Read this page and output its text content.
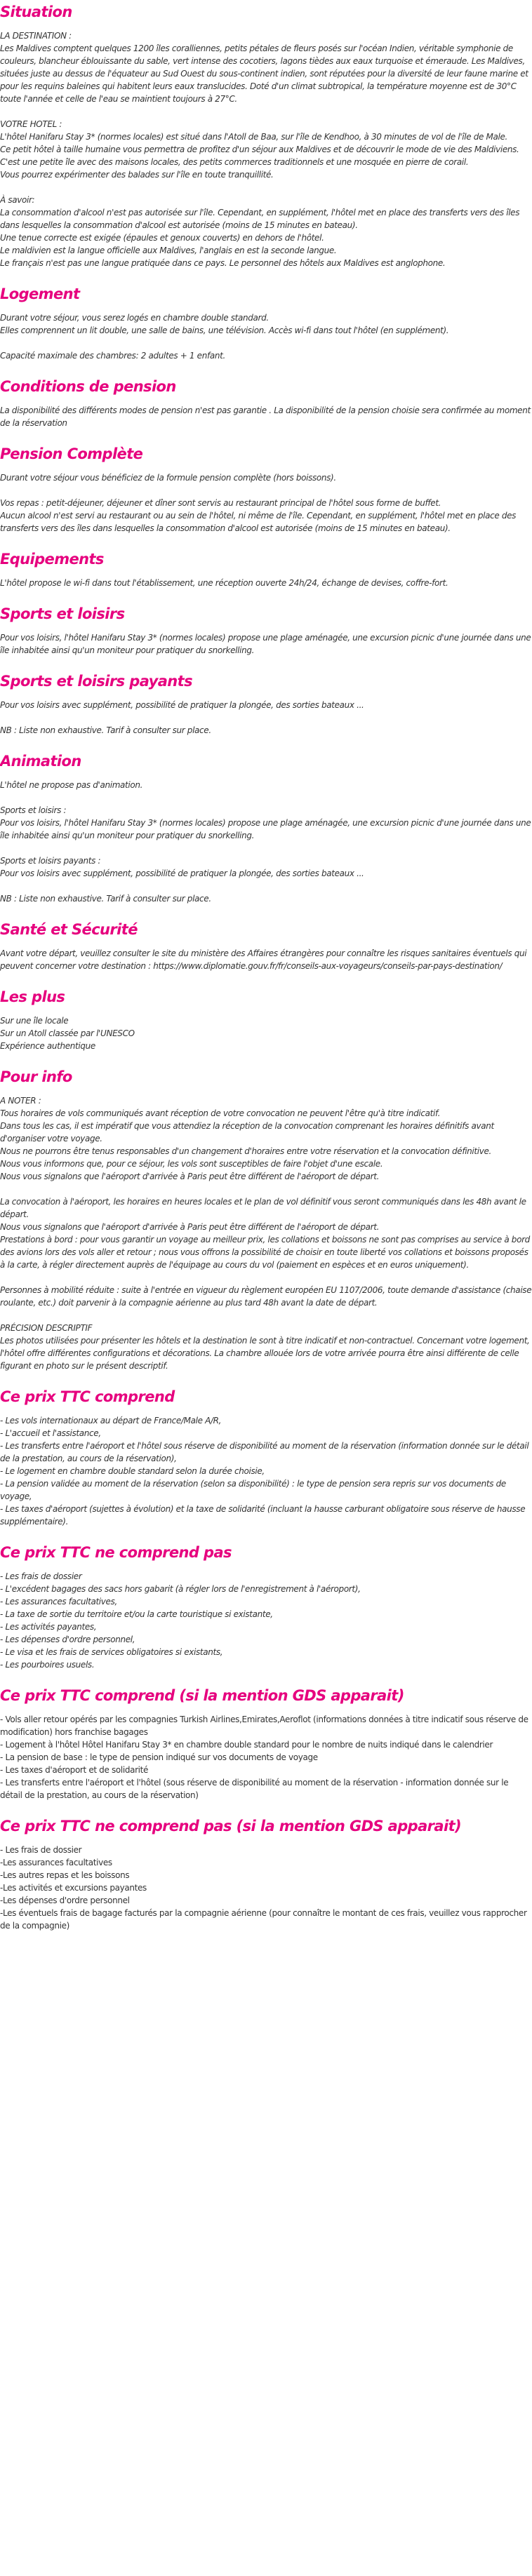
Situation
LA DESTINATION :
Les Maldives comptent quelques 1200 îles coralliennes, petits pétales de fleurs posés sur l'océan Indien, véritable symphonie de couleurs, blancheur éblouissante du sable, vert intense des cocotiers, lagons tièdes aux eaux turquoise et émeraude. Les Maldives, situées juste au dessus de l'équateur au Sud Ouest du sous-continent indien, sont réputées pour la diversité de leur faune marine et pour les requins baleines qui habitent leurs eaux translucides. Doté d'un climat subtropical, la température moyenne est de 30°C toute l'année et celle de l'eau se maintient toujours à 27°C.
VOTRE HOTEL :
L'hôtel Hanifaru Stay 3* (normes locales) est situé dans l'Atoll de Baa, sur l'île de Kendhoo, à 30 minutes de vol de l'île de Male.
Ce petit hôtel à taille humaine vous permettra de profitez d'un séjour aux Maldives et de découvrir le mode de vie des Maldiviens. C'est une petite île avec des maisons locales, des petits commerces traditionnels et une mosquée en pierre de corail.
Vous pourrez expérimenter des balades sur l'île en toute tranquillité.
À savoir:
La consommation d'alcool n'est pas autorisée sur l'île. Cependant, en supplément, l'hôtel met en place des transferts vers des îles dans lesquelles la consommation d'alcool est autorisée (moins de 15 minutes en bateau).
Une tenue correcte est exigée (épaules et genoux couverts) en dehors de l'hôtel.
Le maldivien est la langue officielle aux Maldives, l'anglais en est la seconde langue.
Le français n'est pas une langue pratiquée dans ce pays. Le personnel des hôtels aux Maldives est anglophone.
Logement
Durant votre séjour, vous serez logés en chambre double standard.
Elles comprennent un lit double, une salle de bains, une télévision. Accès wi-fi dans tout l'hôtel (en supplément).
Capacité maximale des chambres: 2 adultes + 1 enfant.
Conditions de pension
La disponibilité des différents modes de pension n'est pas garantie . La disponibilité de la pension choisie sera confirmée au moment de la réservation
Pension Complète
Durant votre séjour vous bénéficiez de la formule pension complète (hors boissons).
Vos repas : petit-déjeuner, déjeuner et dîner sont servis au restaurant principal de l'hôtel sous forme de buffet.
Aucun alcool n'est servi au restaurant ou au sein de l'hôtel, ni même de l'île. Cependant, en supplément, l'hôtel met en place des transferts vers des îles dans lesquelles la consommation d'alcool est autorisée (moins de 15 minutes en bateau).
Equipements
L'hôtel propose le wi-fi dans tout l'établissement, une réception ouverte 24h/24, échange de devises, coffre-fort.
Sports et loisirs
Pour vos loisirs, l'hôtel Hanifaru Stay 3* (normes locales) propose une plage aménagée, une excursion picnic d'une journée dans une île inhabitée ainsi qu'un moniteur pour pratiquer du snorkelling.
Sports et loisirs payants
Pour vos loisirs avec supplément, possibilité de pratiquer la plongée, des sorties bateaux ...
NB : Liste non exhaustive. Tarif à consulter sur place.
Animation
L'hôtel ne propose pas d'animation.
Sports et loisirs :
Pour vos loisirs, l'hôtel Hanifaru Stay 3* (normes locales) propose une plage aménagée, une excursion picnic d'une journée dans une île inhabitée ainsi qu'un moniteur pour pratiquer du snorkelling.
Sports et loisirs payants :
Pour vos loisirs avec supplément, possibilité de pratiquer la plongée, des sorties bateaux ...
NB : Liste non exhaustive. Tarif à consulter sur place.
Santé et Sécurité
Avant votre départ, veuillez consulter le site du ministère des Affaires étrangères pour connaître les risques sanitaires éventuels qui peuvent concerner votre destination : https://www.diplomatie.gouv.fr/fr/conseils-aux-voyageurs/conseils-par-pays-destination/
Les plus
Sur une île locale
Sur un Atoll classée par l'UNESCO
Expérience authentique
Pour info
A NOTER :
Tous horaires de vols communiqués avant réception de votre convocation ne peuvent l'être qu'à titre indicatif.
Dans tous les cas, il est impératif que vous attendiez la réception de la convocation comprenant les horaires définitifs avant d'organiser votre voyage.
Nous ne pourrons être tenus responsables d'un changement d'horaires entre votre réservation et la convocation définitive.
Nous vous informons que, pour ce séjour, les vols sont susceptibles de faire l'objet d'une escale.
Nous vous signalons que l'aéroport d'arrivée à Paris peut être différent de l'aéroport de départ.
La convocation à l'aéroport, les horaires en heures locales et le plan de vol définitif vous seront communiqués dans les 48h avant le départ.
Nous vous signalons que l'aéroport d'arrivée à Paris peut être différent de l'aéroport de départ.
Prestations à bord : pour vous garantir un voyage au meilleur prix, les collations et boissons ne sont pas comprises au service à bord des avions lors des vols aller et retour ; nous vous offrons la possibilité de choisir en toute liberté vos collations et boissons proposés à la carte, à régler directement auprès de l'équipage au cours du vol (paiement en espèces et en euros uniquement).
Personnes à mobilité réduite : suite à l'entrée en vigueur du règlement européen EU 1107/2006, toute demande d'assistance (chaise roulante, etc.) doit parvenir à la compagnie aérienne au plus tard 48h avant la date de départ.
PRÉCISION DESCRIPTIF
Les photos utilisées pour présenter les hôtels et la destination le sont à titre indicatif et non-contractuel. Concernant votre logement, l'hôtel offre différentes configurations et décorations. La chambre allouée lors de votre arrivée pourra être ainsi différente de celle figurant en photo sur le présent descriptif.
Ce prix TTC comprend
- Les vols internationaux au départ de France/Male A/R,
- L'accueil et l'assistance,
- Les transferts entre l'aéroport et l'hôtel sous réserve de disponibilité au moment de la réservation (information donnée sur le détail de la prestation, au cours de la réservation),
- Le logement en chambre double standard selon la durée choisie,
- La pension validée au moment de la réservation (selon sa disponibilité) : le type de pension sera repris sur vos documents de voyage,
- Les taxes d'aéroport (sujettes à évolution) et la taxe de solidarité (incluant la hausse carburant obligatoire sous réserve de hausse supplémentaire).
Ce prix TTC ne comprend pas
- Les frais de dossier
- L'excédent bagages des sacs hors gabarit (à régler lors de l'enregistrement à l'aéroport),
- Les assurances facultatives,
- La taxe de sortie du territoire et/ou la carte touristique si existante,
- Les activités payantes,
- Les dépenses d'ordre personnel,
- Le visa et les frais de services obligatoires si existants,
- Les pourboires usuels.
Ce prix TTC comprend (si la mention GDS apparait)
- Vols aller retour opérés par les compagnies Turkish Airlines,Emirates,Aeroflot (informations données à titre indicatif sous réserve de modification) hors franchise bagages
- Logement à l'hôtel Hôtel Hanifaru Stay 3* en chambre double standard pour le nombre de nuits indiqué dans le calendrier
- La pension de base : le type de pension indiqué sur vos documents de voyage
- Les taxes d'aéroport et de solidarité
- Les transferts entre l'aéroport et l'hôtel (sous réserve de disponibilité au moment de la réservation - information donnée sur le détail de la prestation, au cours de la réservation)
Ce prix TTC ne comprend pas (si la mention GDS apparait)
- Les frais de dossier
-Les assurances facultatives
-Les autres repas et les boissons
-Les activités et excursions payantes
-Les dépenses d'ordre personnel
-Les éventuels frais de bagage facturés par la compagnie aérienne (pour connaître le montant de ces frais, veuillez vous rapprocher de la compagnie)
